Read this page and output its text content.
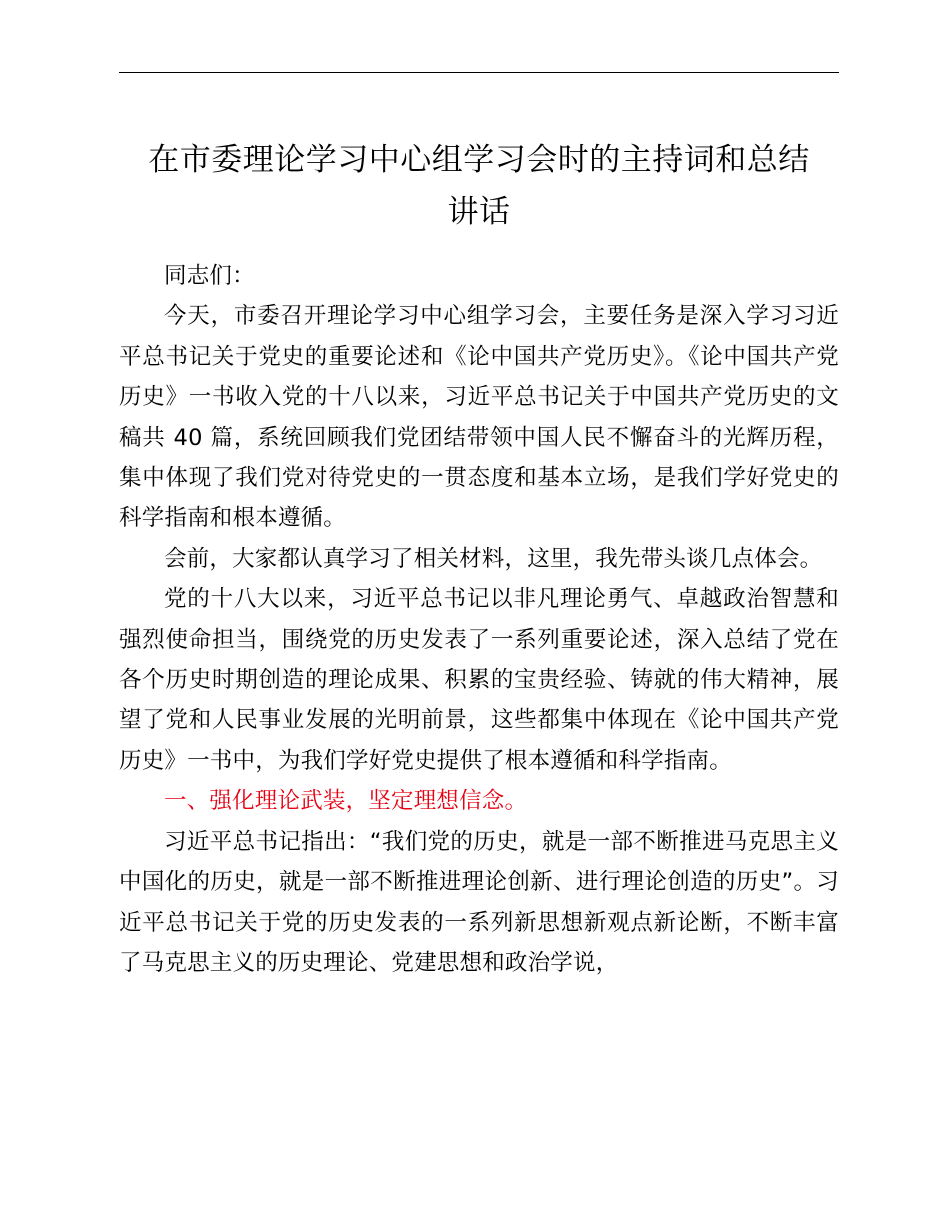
在市委理论学习中心组学习会时的主持词和总结
讲话

同志们：

今天，市委召开理论学习中心组学习会，主要任务是深入学习习近平总书记关于党史的重要论述和《论中国共产党历史》。《论中国共产党历史》一书收入党的十八以来，习近平总书记关于中国共产党历史的文稿共 40 篇，系统回顾我们党团结带领中国人民不懈奋斗的光辉历程，集中体现了我们党对待党史的一贯态度和基本立场，是我们学好党史的科学指南和根本遵循。

会前，大家都认真学习了相关材料，这里，我先带头谈几点体会。

党的十八大以来，习近平总书记以非凡理论勇气、卓越政治智慧和强烈使命担当，围绕党的历史发表了一系列重要论述，深入总结了党在各个历史时期创造的理论成果、积累的宝贵经验、铸就的伟大精神，展望了党和人民事业发展的光明前景，这些都集中体现在《论中国共产党历史》一书中，为我们学好党史提供了根本遵循和科学指南。

一、强化理论武装，坚定理想信念。

习近平总书记指出：“我们党的历史，就是一部不断推进马克思主义中国化的历史，就是一部不断推进理论创新、进行理论创造的历史”。习近平总书记关于党的历史发表的一系列新思想新观点新论断，不断丰富了马克思主义的历史理论、党建思想和政治学说，
